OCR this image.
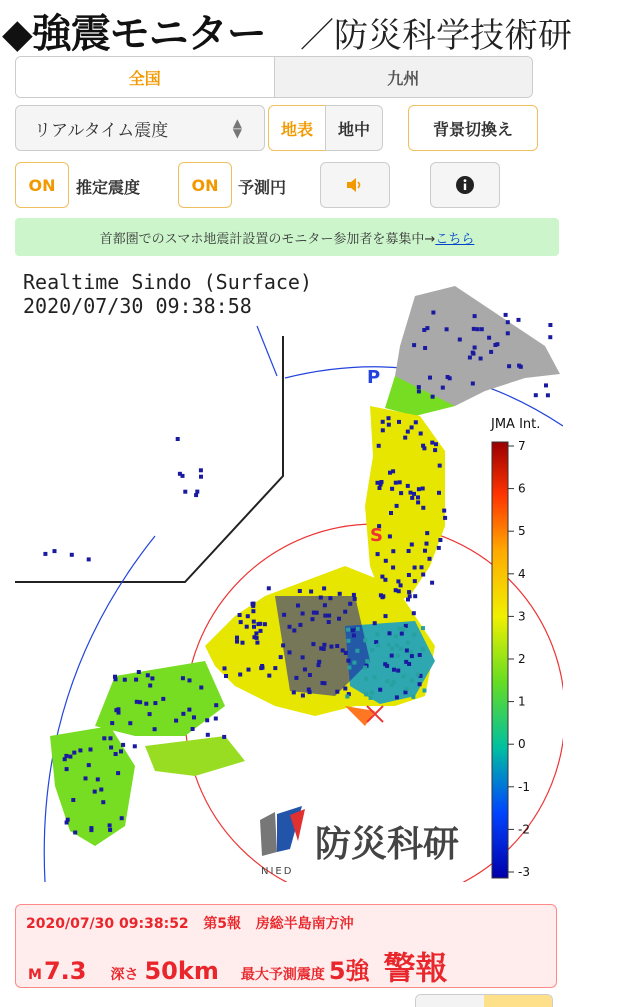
◆強震モニター ／防災科学技術研
全国	九州
リアルタイム震度	▲
▼	地表	地中	背景切換え
ON	推定震度	ON	予測円
首都圏でのスマホ地震計設置のモニター参加者を募集中→ こちら
P
S
JMA Int.
7
6
5
4
3
2
1
0
-1
-2
-3
防災科研
NIED
Realtime Sindo (Surface)
2020/07/30 09:38:58
2020/07/30 09:38:52 第5報 房総半島南方沖
M 7.3 深さ 50km 最大予測震度 5強 警報
